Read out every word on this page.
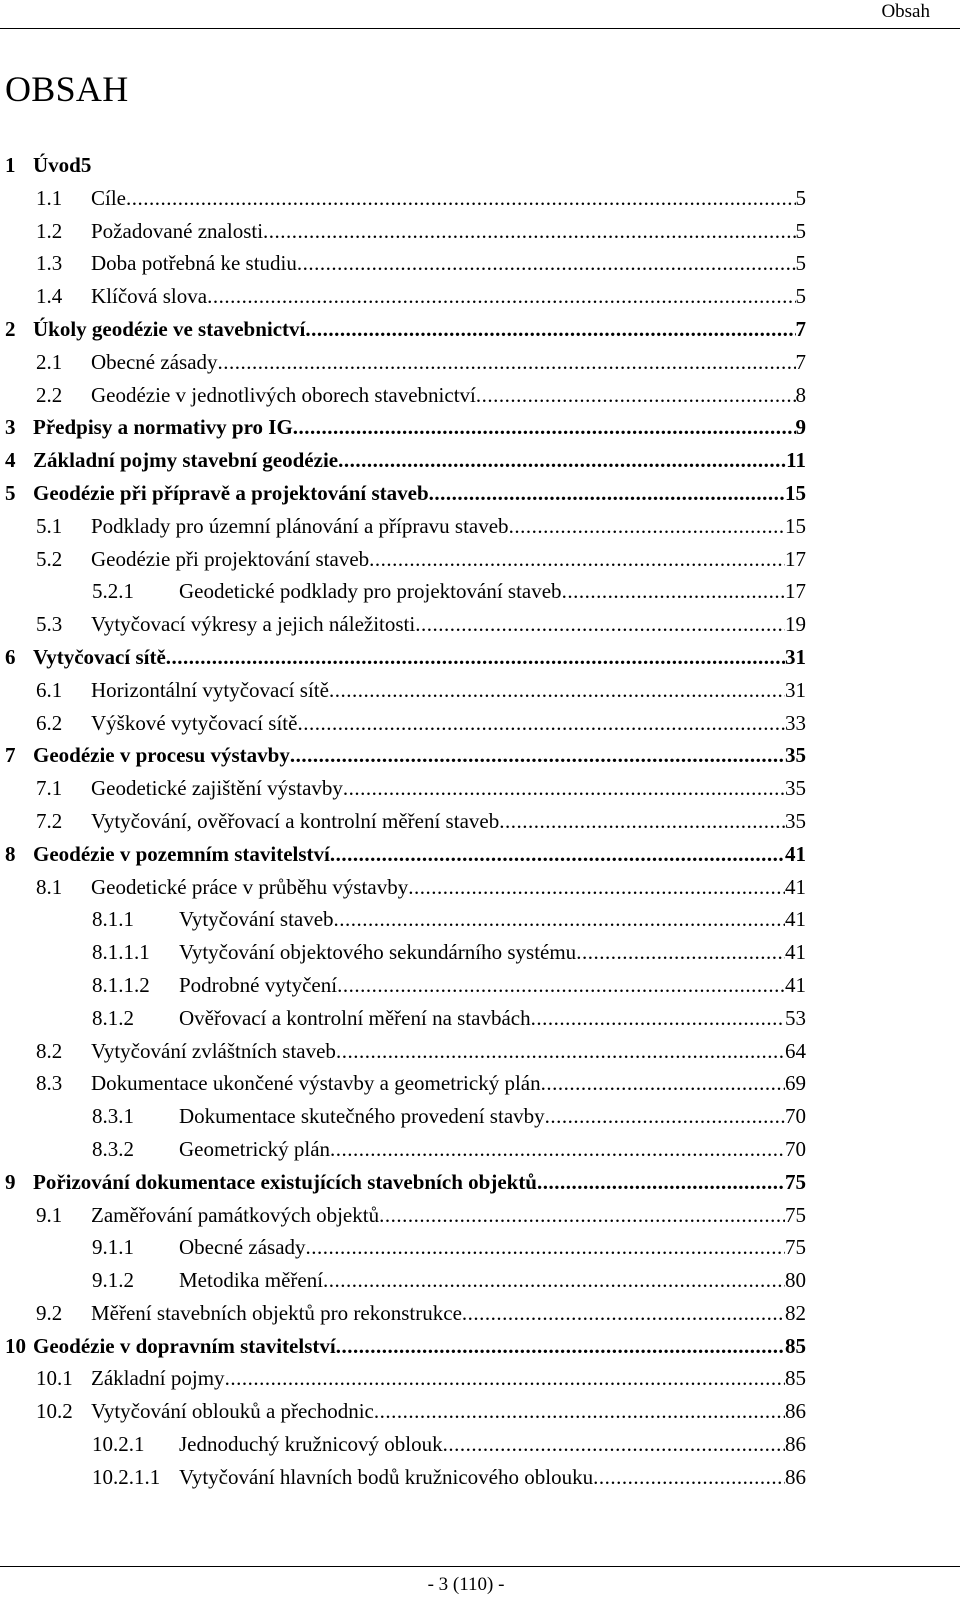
Obsah
OBSAH
1 Úvod 5
1.1 Cíle .....	5
1.2 Požadované znalosti .....	5
1.3 Doba potřebná ke studiu .....	5
1.4 Klíčová slova .....	5
2 Úkoly geodézie ve stavebnictví .....	7
2.1 Obecné zásady .....	7
2.2 Geodézie v jednotlivých oborech stavebnictví .....	8
3 Předpisy a normativy pro IG .....	9
4 Základní pojmy stavební geodézie .....	11
5 Geodézie při přípravě a projektování staveb .....	15
5.1 Podklady pro územní plánování a přípravu staveb .....	15
5.2 Geodézie při projektování staveb .....	17
5.2.1 Geodetické podklady pro projektování staveb .....	17
5.3 Vytyčovací výkresy a jejich náležitosti .....	19
6 Vytyčovací sítě .....	31
6.1 Horizontální vytyčovací sítě .....	31
6.2 Výškové vytyčovací sítě .....	33
7 Geodézie v procesu výstavby .....	35
7.1 Geodetické zajištění výstavby .....	35
7.2 Vytyčování, ověřovací a kontrolní měření staveb .....	35
8 Geodézie v pozemním stavitelství .....	41
8.1 Geodetické práce v průběhu výstavby .....	41
8.1.1 Vytyčování staveb .....	41
8.1.1.1 Vytyčování objektového sekundárního systému .....	41
8.1.1.2 Podrobné vytyčení .....	41
8.1.2 Ověřovací a kontrolní měření na stavbách .....	53
8.2 Vytyčování zvláštních staveb .....	64
8.3 Dokumentace ukončené výstavby a geometrický plán .....	69
8.3.1 Dokumentace skutečného provedení stavby .....	70
8.3.2 Geometrický plán .....	70
9 Pořizování dokumentace existujících stavebních objektů .....	75
9.1 Zaměřování památkových objektů .....	75
9.1.1 Obecné zásady .....	75
9.1.2 Metodika měření .....	80
9.2 Měření stavebních objektů pro rekonstrukce .....	82
10 Geodézie v dopravním stavitelství .....	85
10.1 Základní pojmy .....	85
10.2 Vytyčování oblouků a přechodnic .....	86
10.2.1 Jednoduchý kružnicový oblouk .....	86
10.2.1.1 Vytyčování hlavních bodů kružnicového oblouku .....	86
- 3 (110) -
